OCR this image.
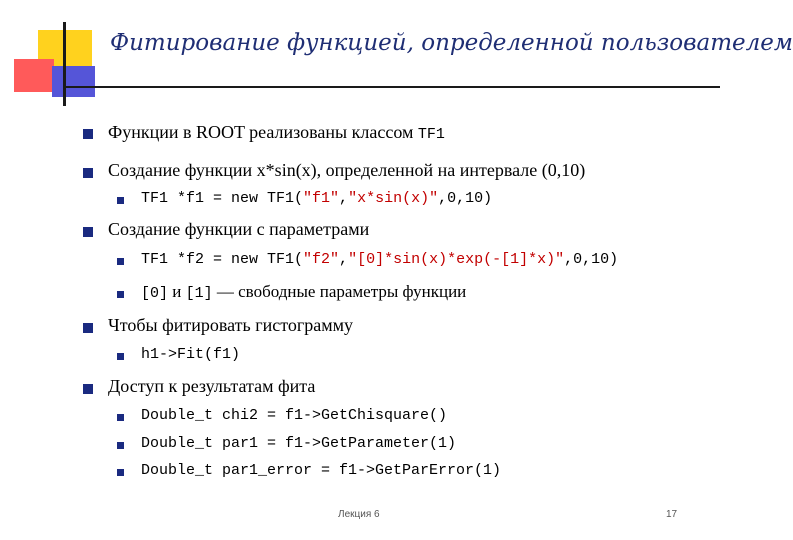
Фитирование функцией, определенной пользователем
Функции в ROOT реализованы классом TF1
Создание функции x*sin(x), определенной на интервале (0,10)
TF1 *f1 = new TF1("f1","x*sin(x)",0,10)
Создание функции с параметрами
TF1 *f2 = new TF1("f2","[0]*sin(x)*exp(-[1]*x)",0,10)
[0] и [1] — свободные параметры функции
Чтобы фитировать гистограмму
h1->Fit(f1)
Доступ к результатам фита
Double_t chi2 = f1->GetChisquare()
Double_t par1 = f1->GetParameter(1)
Double_t par1_error = f1->GetParError(1)
Лекция 6	17
